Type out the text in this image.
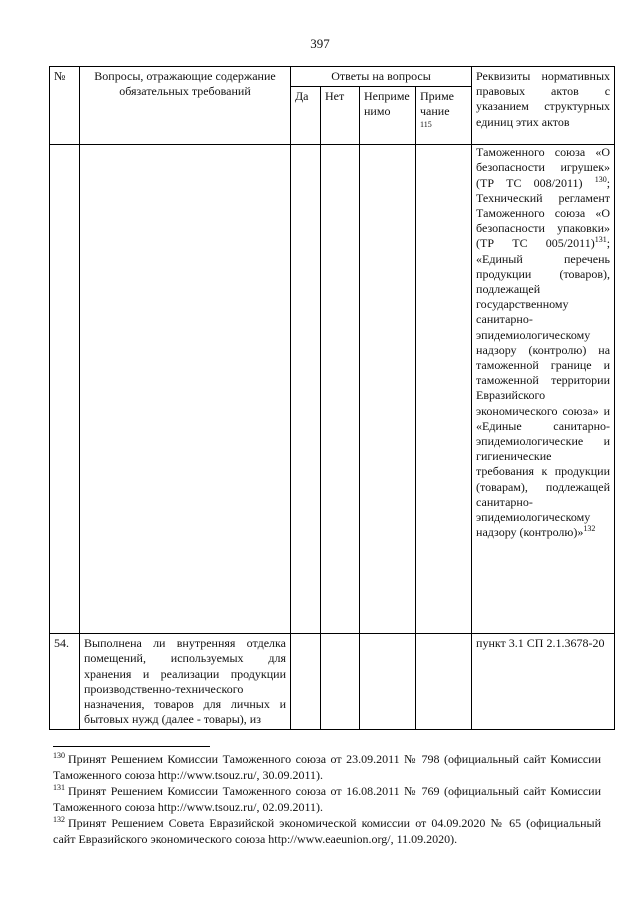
397
№	Вопросы, отражающие содержание обязательных требований	Ответы на вопросы				Реквизиты нормативных правовых актов с указанием структурных единиц этих актов
		Да	Нет	Неприме нимо	Приме чание
115	

						Таможенного союза «О безопасности игрушек» (ТР ТС 008/2011) $^{130}$; Технический регламент Таможенного союза «О безопасности упаковки» (ТР ТС 005/2011)$^{131}$; «Единый перечень продукции (товаров), подлежащей государственному санитарно-эпидемиологическому надзору (контролю) на таможенной границе и таможенной территории Евразийского экономического союза» и «Единые санитарно-эпидемиологические и гигиенические требования к продукции (товарам), подлежащей санитарно-эпидемиологическому надзору (контролю)»$^{132}$
54.	Выполнена ли внутренняя отделка помещений, используемых для хранения и реализации продукции производственно-технического назначения, товаров для личных и бытовых нужд (далее - товары), из					пункт 3.1 СП 2.1.3678-20

$^{130}$ Принят Решением Комиссии Таможенного союза от 23.09.2011 № 798 (официальный сайт Комиссии Таможенного союза http://www.tsouz.ru/, 30.09.2011).

$^{131}$ Принят Решением Комиссии Таможенного союза от 16.08.2011 № 769 (официальный сайт Комиссии Таможенного союза http://www.tsouz.ru/, 02.09.2011).

$^{132}$ Принят Решением Совета Евразийской экономической комиссии от 04.09.2020 № 65 (официальный сайт Евразийского экономического союза http://www.eaeunion.org/, 11.09.2020).
